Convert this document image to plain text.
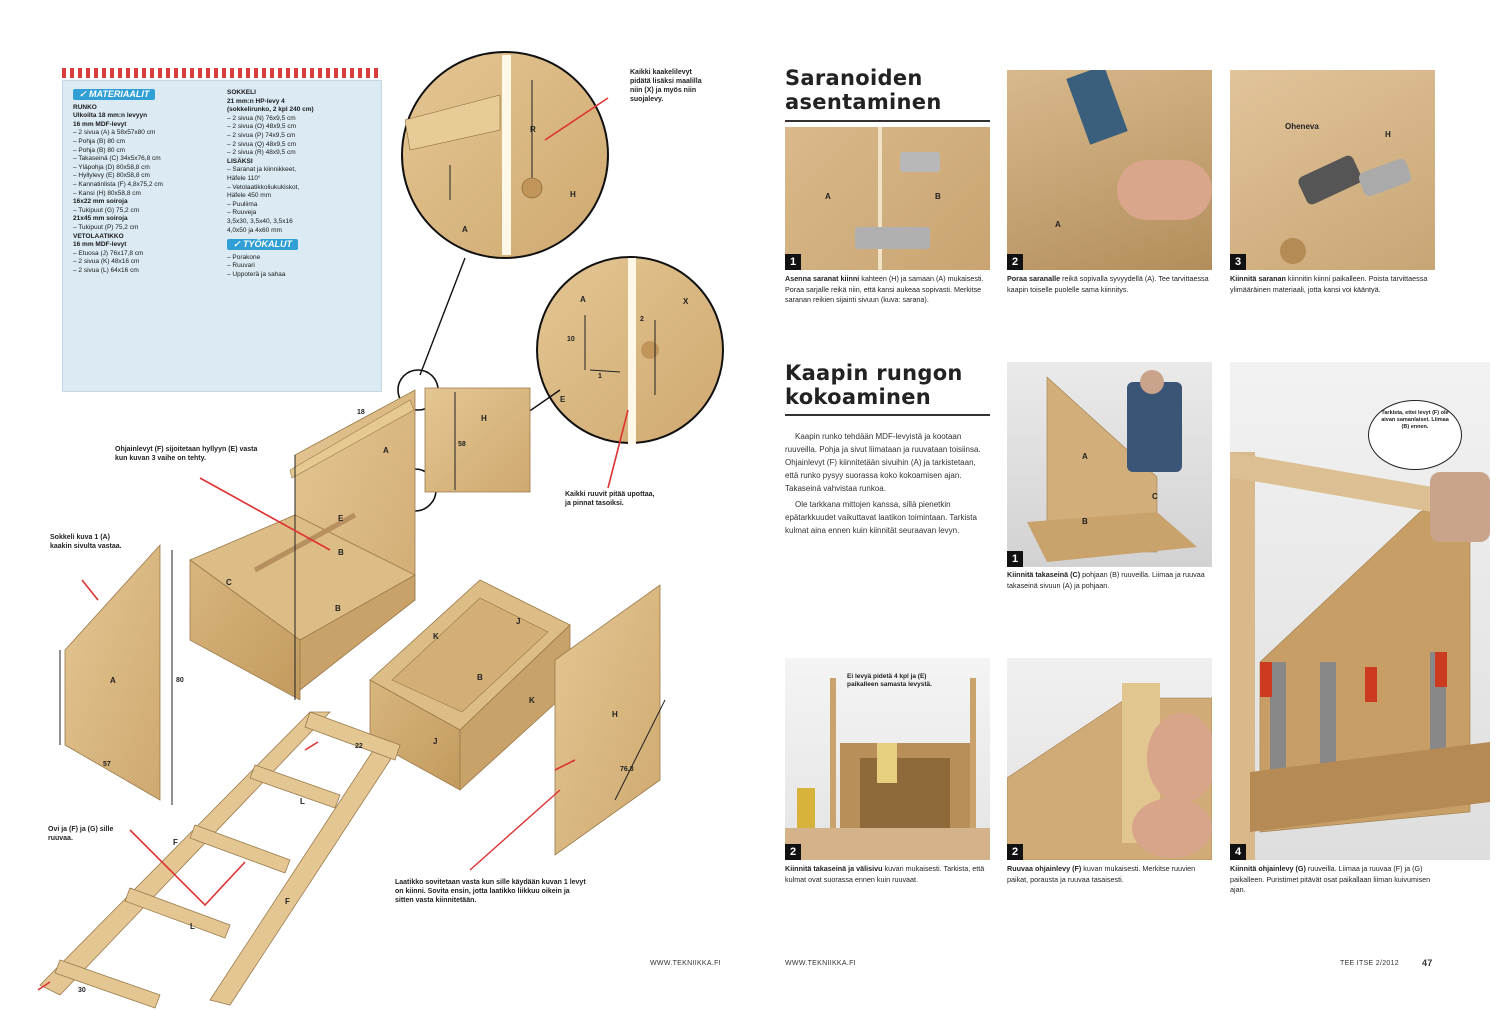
✓ MATERIAALIT
RUNKO
Ulkoilta 18 mm:n levyyn
16 mm MDF-levyt
– 2 sivua (A) à 58x57x80 cm
– Pohja (B) 80 cm
– Pohja (B) 80 cm
– Takaseinä (C) 34x5x76,8 cm
– Yläpohja (D) 80x58,8 cm
– Hyllylevy (E) 80x58,8 cm
– Kannatinlista (F) 4,8x75,2 cm
– Kansi (H) 80x58,8 cm
16x22 mm soiroja
– Tukipuut (G) 75,2 cm
21x45 mm soiroja
– Tukipuut (P) 75,2 cm
VETOLAATIKKO
16 mm MDF-levyt
– Etuosa (J) 76x17,8 cm
– 2 sivua (K) 48x16 cm
– 2 sivua (L) 64x16 cm
SOKKELI
21 mm:n HP-levy 4
(sokkelirunko, 2 kpl 240 cm)
– 2 sivua (N) 76x9,5 cm
– 2 sivua (O) 48x9,5 cm
– 2 sivua (P) 74x9,5 cm
– 2 sivua (Q) 48x9,5 cm
– 2 sivua (R) 48x9,5 cm
LISÄKSI
– Saranat ja kiinnikkeet,
Häfele 110°
– Vetolaatikkoliukukiskot,
Häfele 450 mm
– Puuliima
– Ruuveja
3,5x30, 3,5x40, 3,5x16
4,0x50 ja 4x60 mm
✓ TYÖKALUT
– Porakone
– Ruuvari
– Uppoterä ja sahaa
H
A
R
A	X
E
A
H
E
B
C
B
A
K
J
B
K
J
H
L
F
F
L
18
10
58
80
57
76,8
22
30
1
2
Kaikki kaakelilevyt pidätä lisäksi maalilla niin (X) ja myös niin suojalevy.
Ohjainlevyt (F) sijoitetaan hyllyyn (E) vasta kun kuvan 3 vaihe on tehty.
Sokkeli kuva 1 (A) kaakin sivulta vastaa.
Kaikki ruuvit pitää upottaa, ja pinnat tasoiksi.
Ovi ja (F) ja (G) sille ruuvaa.
Laatikko sovitetaan vasta kun sille käydään kuvan 1 levyt on kiinni. Sovita ensin, jotta laatikko liikkuu oikein ja sitten vasta kiinnitetään.
WWW.TEKNIIKKA.FI
Saranoiden
asentaminen
A	B
1
Asenna saranat kiinni kahteen (H) ja samaan (A) mukaisesti. Poraa sarjalle reikä niin, että kansi aukeaa sopivasti. Merkitse saranan reikien sijainti sivuun (kuva: sarana).
A
2
Poraa saranalle reikä sopivalla syvyydellä (A). Tee tarvittaessa kaapin toiselle puolelle sama kiinnitys.
Oheneva
H
3
Kiinnitä saranan kiinnitin kiinni paikalleen. Poista tarvittaessa ylimääräinen materiaali, jotta kansi voi kääntyä.
Kaapin rungon
kokoaminen

Kaapin runko tehdään MDF-levyistä ja kootaan ruuveilla. Pohja ja sivut liimataan ja ruuvataan toisiinsa. Ohjainlevyt (F) kiinnitetään sivuihin (A) ja tarkistetaan, että runko pysyy suorassa koko kokoamisen ajan. Takaseinä vahvistaa runkoa.

Ole tarkkana mittojen kanssa, sillä pienetkin epätarkkuudet vaikuttavat laatikon toimintaan. Tarkista kulmat aina ennen kuin kiinnität seuraavan levyn.

A
C
B
1
Kiinnitä takaseinä (C) pohjaan (B) ruuveilla. Liimaa ja ruuvaa takaseinä sivuun (A) ja pohjaan.
Tarkista, ettei levyt (F) ole aivan samanlaiset. Liimaa (B) ennen.
4
Kiinnitä ohjainlevy (G) ruuveilla. Liimaa ja ruuvaa (F) ja (G) paikalleen. Puristimet pitävät osat paikallaan liiman kuivumisen ajan.
Ei levyä pidetä 4 kpl ja (E) paikalleen samasta levystä.
2
Kiinnitä takaseinä ja välisivu kuvan mukaisesti. Tarkista, että kulmat ovat suorassa ennen kuin ruuvaat.
2
Ruuvaa ohjainlevy (F) kuvan mukaisesti. Merkitse ruuvien paikat, porausta ja ruuvaa tasaisesti.
WWW.TEKNIIKKA.FI	TEE ITSE 2/2012	47
